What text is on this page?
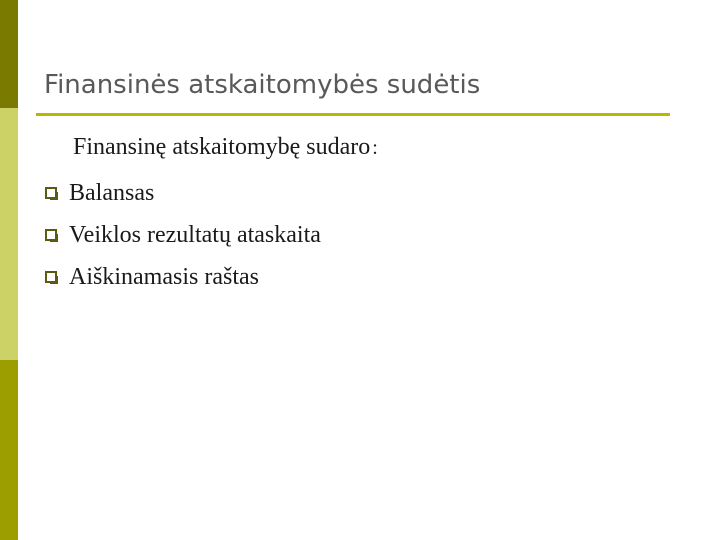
Finansinės atskaitomybės sudėtis
Finansinę atskaitomybę sudaro :
Balansas
Veiklos rezultatų ataskaita
Aiškinamasis raštas
